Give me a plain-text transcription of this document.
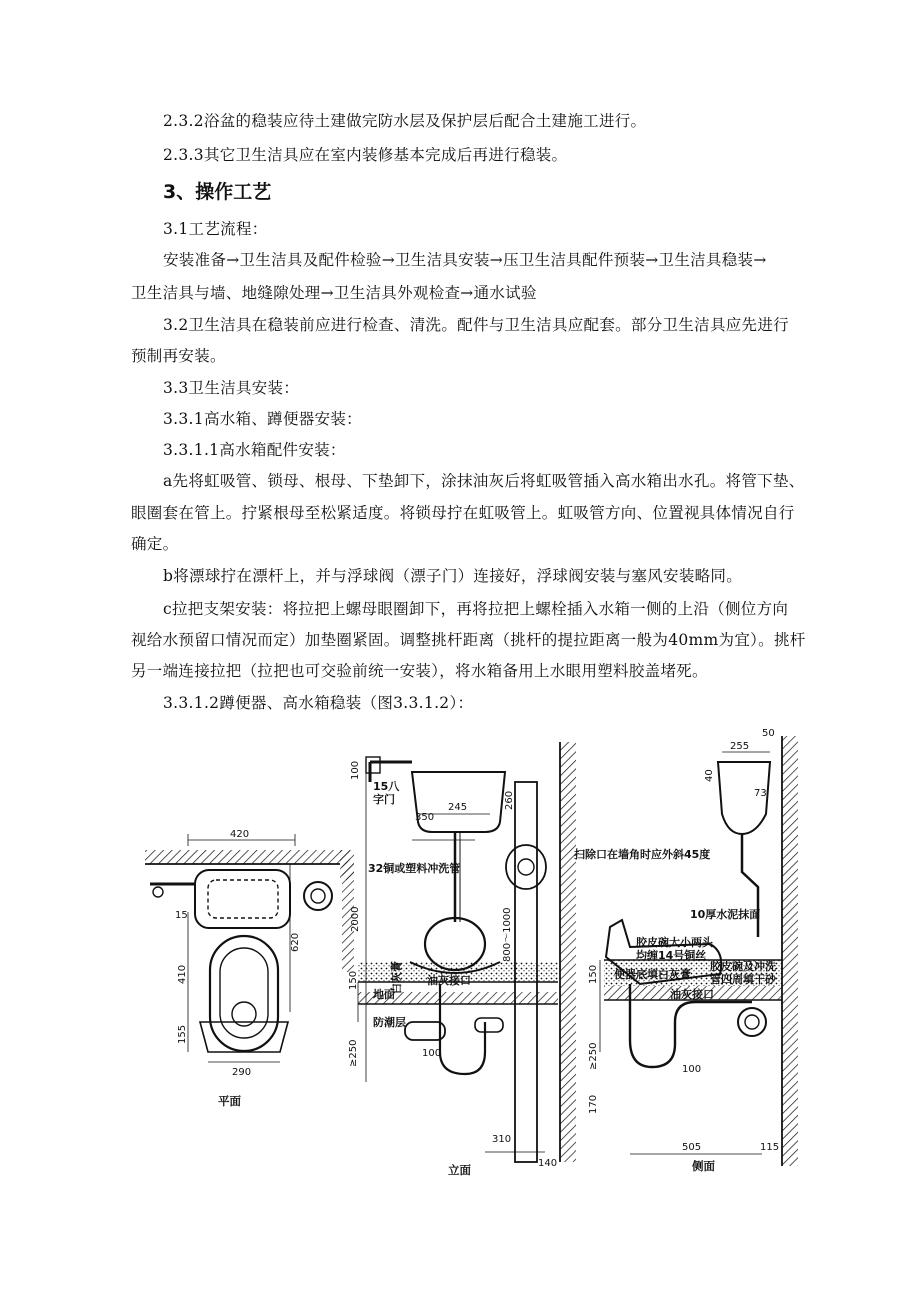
2.3.2浴盆的稳装应待土建做完防水层及保护层后配合土建施工进行。
2.3.3其它卫生洁具应在室内装修基本完成后再进行稳装。
3、操作工艺
3.1工艺流程：
安装准备→卫生洁具及配件检验→卫生洁具安装→压卫生洁具配件预装→卫生洁具稳装→
卫生洁具与墙、地缝隙处理→卫生洁具外观检查→通水试验
3.2卫生洁具在稳装前应进行检查、清洗。配件与卫生洁具应配套。部分卫生洁具应先进行
预制再安装。
3.3卫生洁具安装：
3.3.1高水箱、蹲便器安装：
3.3.1.1高水箱配件安装：
a先将虹吸管、锁母、根母、下垫卸下，涂抹油灰后将虹吸管插入高水箱出水孔。将管下垫、
眼圈套在管上。拧紧根母至松紧适度。将锁母拧在虹吸管上。虹吸管方向、位置视具体情况自行
确定。
b将漂球拧在漂杆上，并与浮球阀（漂子门）连接好，浮球阀安装与塞风安装略同。
c拉把支架安装：将拉把上螺母眼圈卸下，再将拉把上螺栓插入水箱一侧的上沿（侧位方向
视给水预留口情况而定）加垫圈紧固。调整挑杆距离（挑杆的提拉距离一般为40mm为宜）。挑杆
另一端连接拉把（拉把也可交验前统一安装），将水箱备用上水眼用塑料胶盖堵死。
3.3.1.2蹲便器、高水箱稳装（图3.3.1.2）：
420
290
15
620
410
155
平面
15八
字门
100
245
350
260
32铜或塑料冲洗管
扫除口在墙角时应外斜45度
2000	800～1000
油灰接口
地面
白灰膏
防潮层
150
≥250	100
310
140
立面
50
255
40
73
10厚水泥抹面
胶皮碗大小两头
均缠14号铜丝
便器底填白灰膏
胶皮碗及冲洗
管四周填干砂
油灰接口
150
≥250	100
170
505	115
侧面
